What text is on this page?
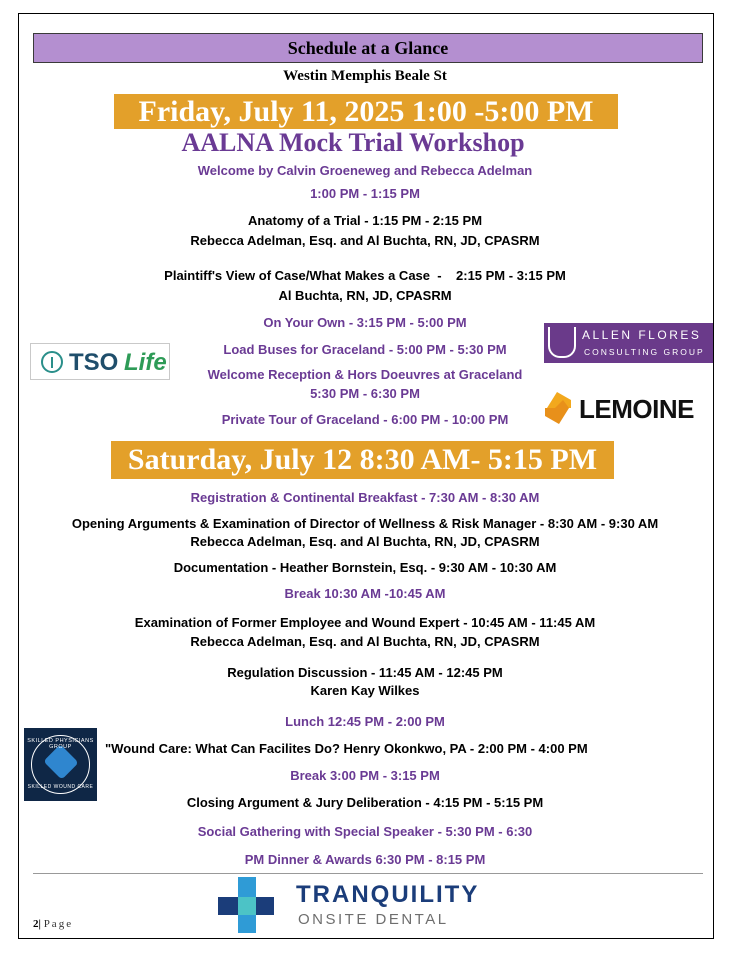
Schedule at a Glance
Westin Memphis Beale St
Friday, July 11, 2025 1:00 -5:00 PM
AALNA Mock Trial Workshop
Welcome by Calvin Groeneweg and Rebecca Adelman
1:00 PM - 1:15 PM
Anatomy of a Trial - 1:15 PM - 2:15 PM
Rebecca Adelman, Esq. and Al Buchta, RN, JD, CPASRM
Plaintiff's View of Case/What Makes a Case  -    2:15 PM - 3:15 PM
Al Buchta, RN, JD, CPASRM
On Your Own - 3:15 PM - 5:00 PM
Load Buses for Graceland - 5:00 PM - 5:30 PM
Welcome Reception & Hors Doeuvres at Graceland
5:30 PM - 6:30 PM
Private Tour of Graceland - 6:00 PM - 10:00 PM
Saturday, July 12 8:30 AM- 5:15 PM
Registration & Continental Breakfast - 7:30 AM - 8:30 AM
Opening Arguments & Examination of Director of Wellness & Risk Manager - 8:30 AM - 9:30 AM
Rebecca Adelman, Esq. and Al Buchta, RN, JD, CPASRM
Documentation - Heather Bornstein, Esq. - 9:30 AM - 10:30 AM
Break 10:30 AM -10:45 AM
Examination of Former Employee and Wound Expert - 10:45 AM - 11:45 AM
Rebecca Adelman, Esq. and Al Buchta, RN, JD, CPASRM
Regulation Discussion - 11:45 AM - 12:45 PM
Karen Kay Wilkes
Lunch 12:45 PM - 2:00 PM
"Wound Care: What Can Facilites Do? Henry Okonkwo, PA - 2:00 PM - 4:00 PM
Break 3:00 PM - 3:15 PM
Closing Argument & Jury Deliberation - 4:15 PM - 5:15 PM
Social Gathering with Special Speaker - 5:30 PM - 6:30
PM Dinner & Awards 6:30 PM - 8:15 PM
TSO Life
ALLEN FLORES
CONSULTING GROUP
LEMOINE
SKILLED PHYSICIANS GROUP
SKILLED WOUND CARE
TRANQUILITY
ONSITE DENTAL
2| Page
